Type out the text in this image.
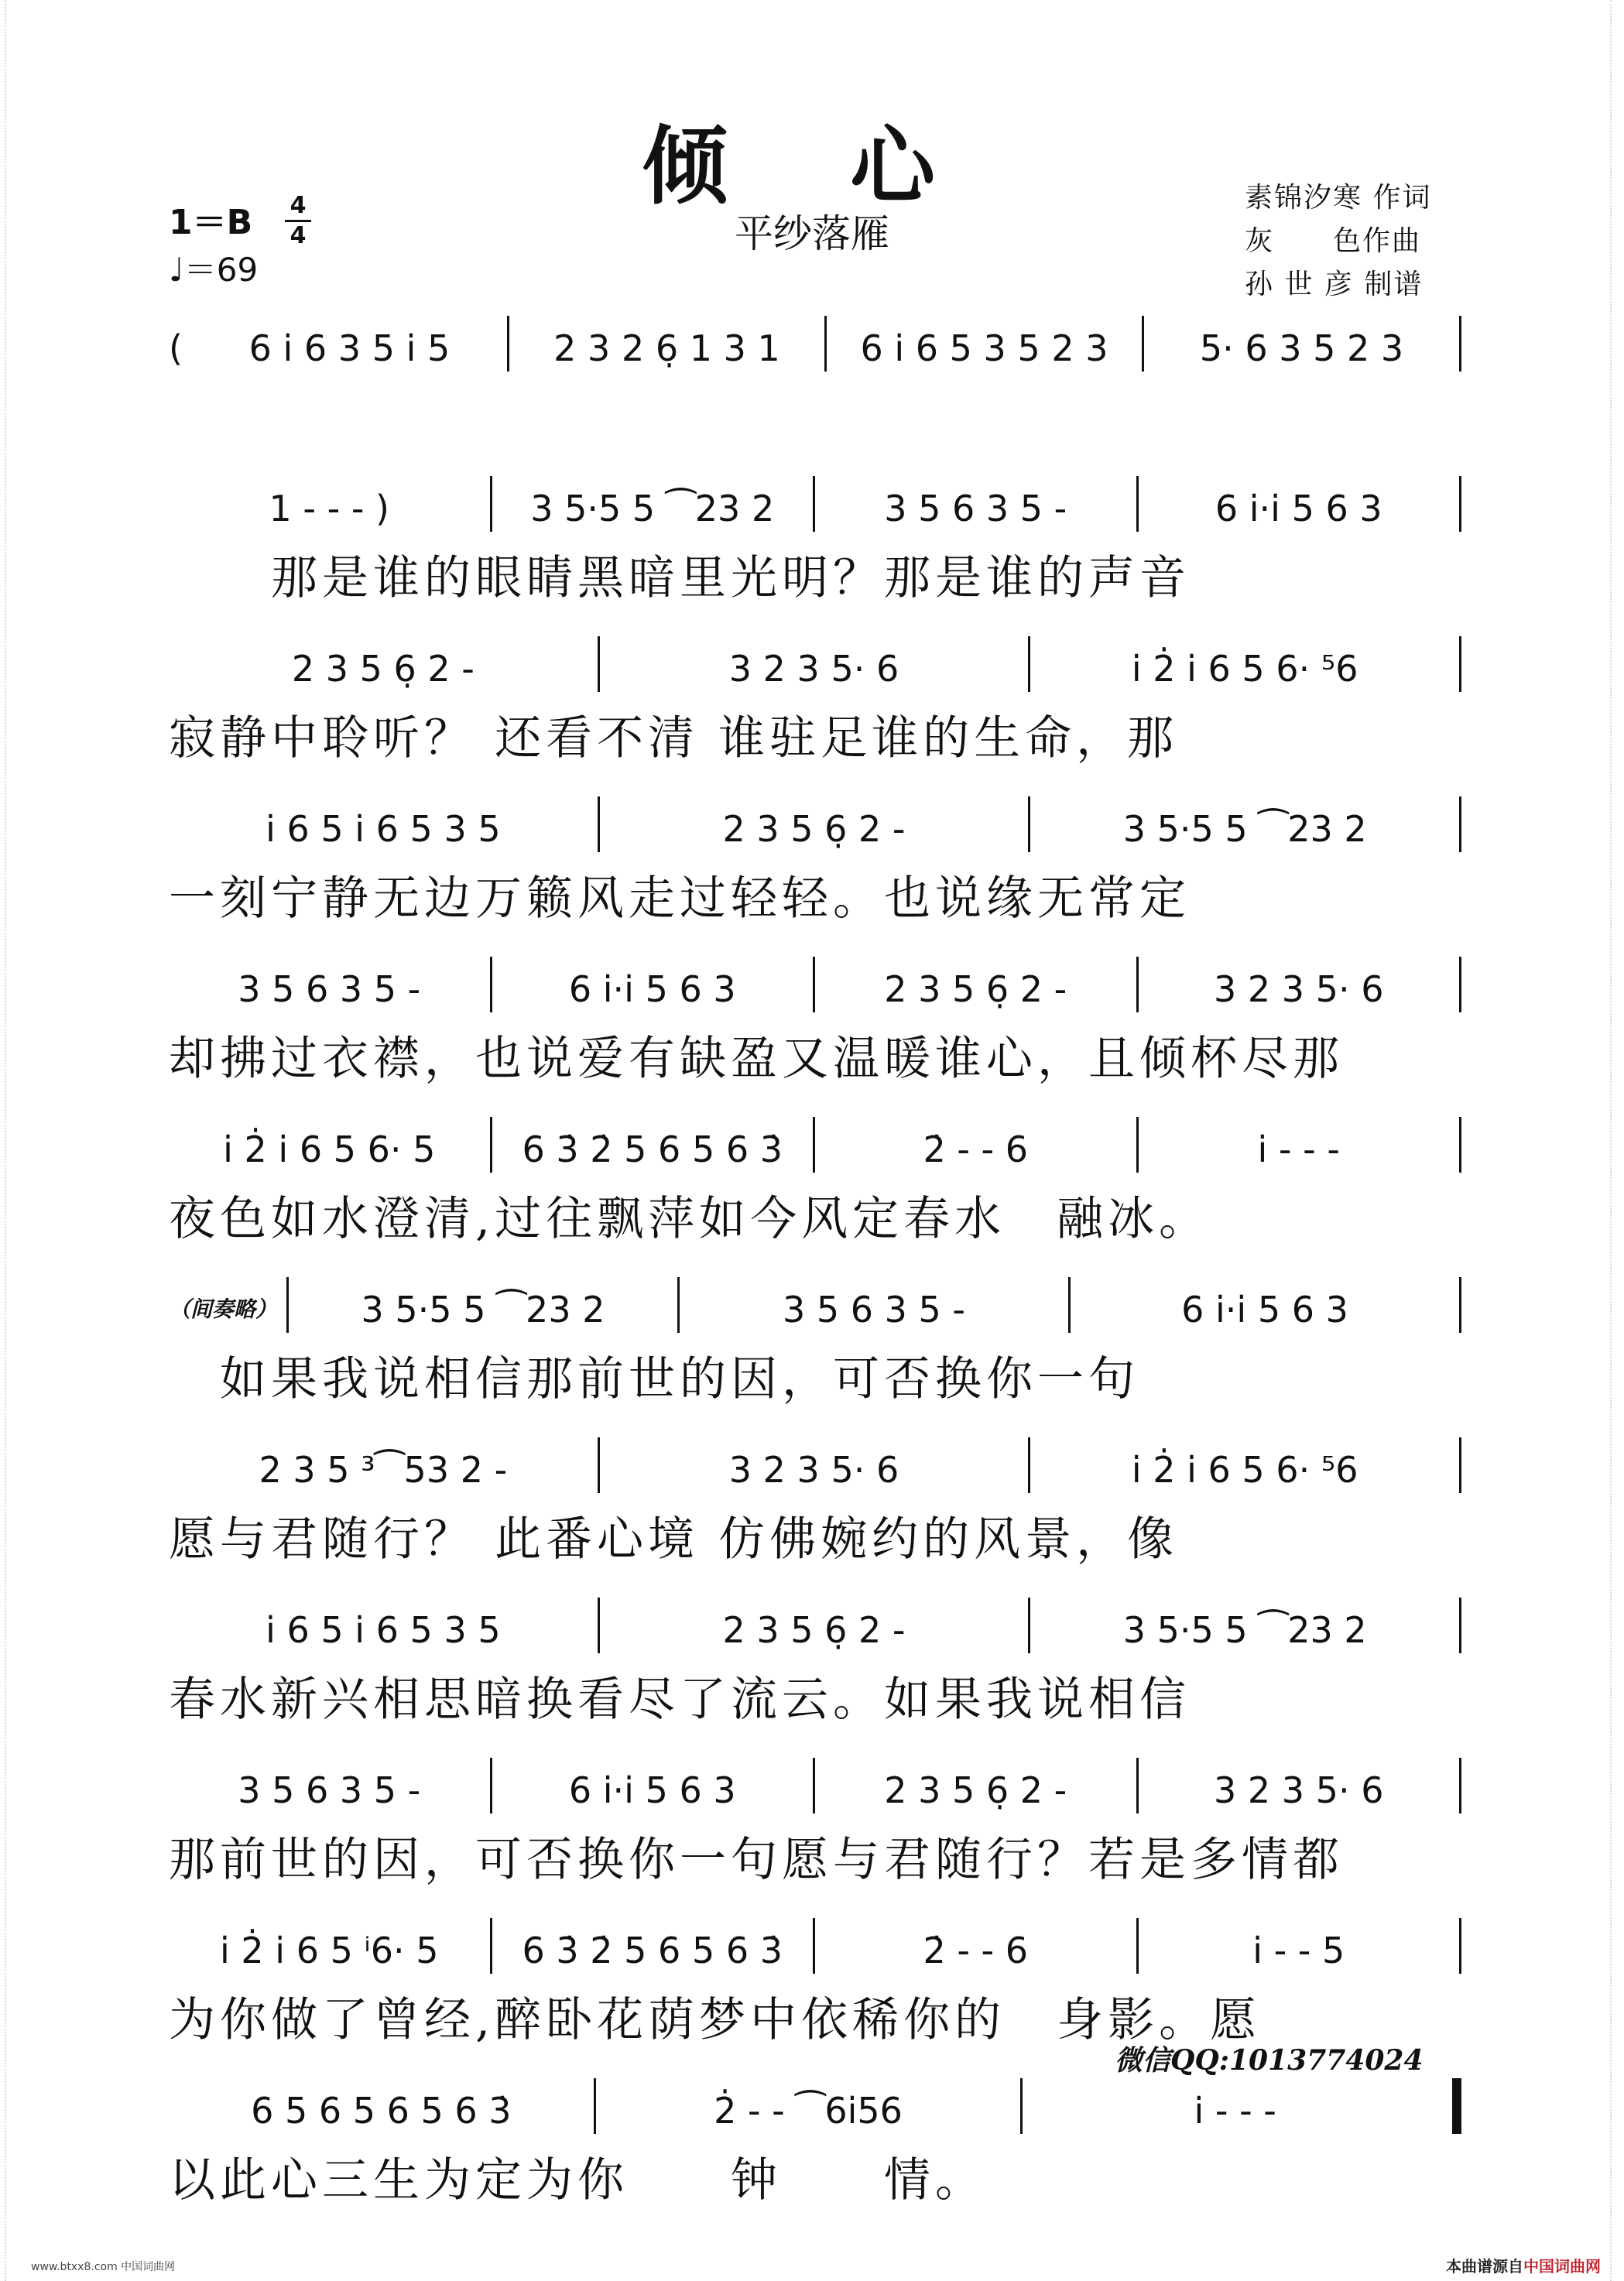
倾 心
平纱落雁
1＝B 4
4
♩＝69
素锦汐寒 作词
灰　　色作曲
孙 世 彦 制谱
(	6 i̇ 6 3 5 i̇ 5	2 3 2 6̣ 1 3 1	6 i̇ 6 5 3 5 2 3	5· 6 3 5 2 3
1 - - - )	3 5·5 5 ⁀23 2	3 5 6 3 5 -	6 i̇·i̇ 5 6 3
　　那是谁的眼睛黑暗里光明？那是谁的声音
2 3 5 6̣ 2 -	3 2 3 5· 6	i̇ 2̇ i̇ 6 5 6· ⁵6
寂静中聆听？ 还看不清 谁驻足谁的生命，那
i̇ 6 5 i̇ 6 5 3 5	2 3 5 6̣ 2 -	3 5·5 5 ⁀23 2
一刻宁静无边万籁风走过轻轻。也说缘无常定
3 5 6 3 5 -	6 i̇·i̇ 5 6 3	2 3 5 6̣ 2 -	3 2 3 5· 6
却拂过衣襟，也说爱有缺盈又温暖谁心，且倾杯尽那
i̇ 2̇ i̇ 6 5 6· 5	6 3̇ 2̇ 5 6 5 6 3̇	2̇ - - 6	i̇ - - -
夜色如水澄清,过往飘萍如今风定春水　融冰。
（间奏略）	3 5·5 5 ⁀23 2	3 5 6 3 5 -	6 i̇·i̇ 5 6 3
　如果我说相信那前世的因，可否换你一句
2 3 5 ³⁀53 2 -	3 2 3 5· 6	i̇ 2̇ i̇ 6 5 6· ⁵6
愿与君随行？ 此番心境 仿佛婉约的风景，像
i̇ 6 5 i̇ 6 5 3 5	2 3 5 6̣ 2 -	3 5·5 5 ⁀23 2
春水新兴相思暗换看尽了流云。如果我说相信
3 5 6 3 5 -	6 i̇·i̇ 5 6 3	2 3 5 6̣ 2 -	3 2 3 5· 6
那前世的因，可否换你一句愿与君随行？若是多情都
i̇ 2̇ i̇ 6 5 ⁱ6· 5	6 3̇ 2̇ 5 6 5 6 3̇	2̇ - - 6	i̇ - - 5
为你做了曾经,醉卧花荫梦中依稀你的　身影。愿
6 5 6 5 6 5 6 3̇	2̇ - - ⁀6i̇56	i̇ - - -
以此心三生为定为你　　钟　　情。
微信QQ:1013774024
www.btxx8.com 中国词曲网	本曲谱源自中国词曲网
